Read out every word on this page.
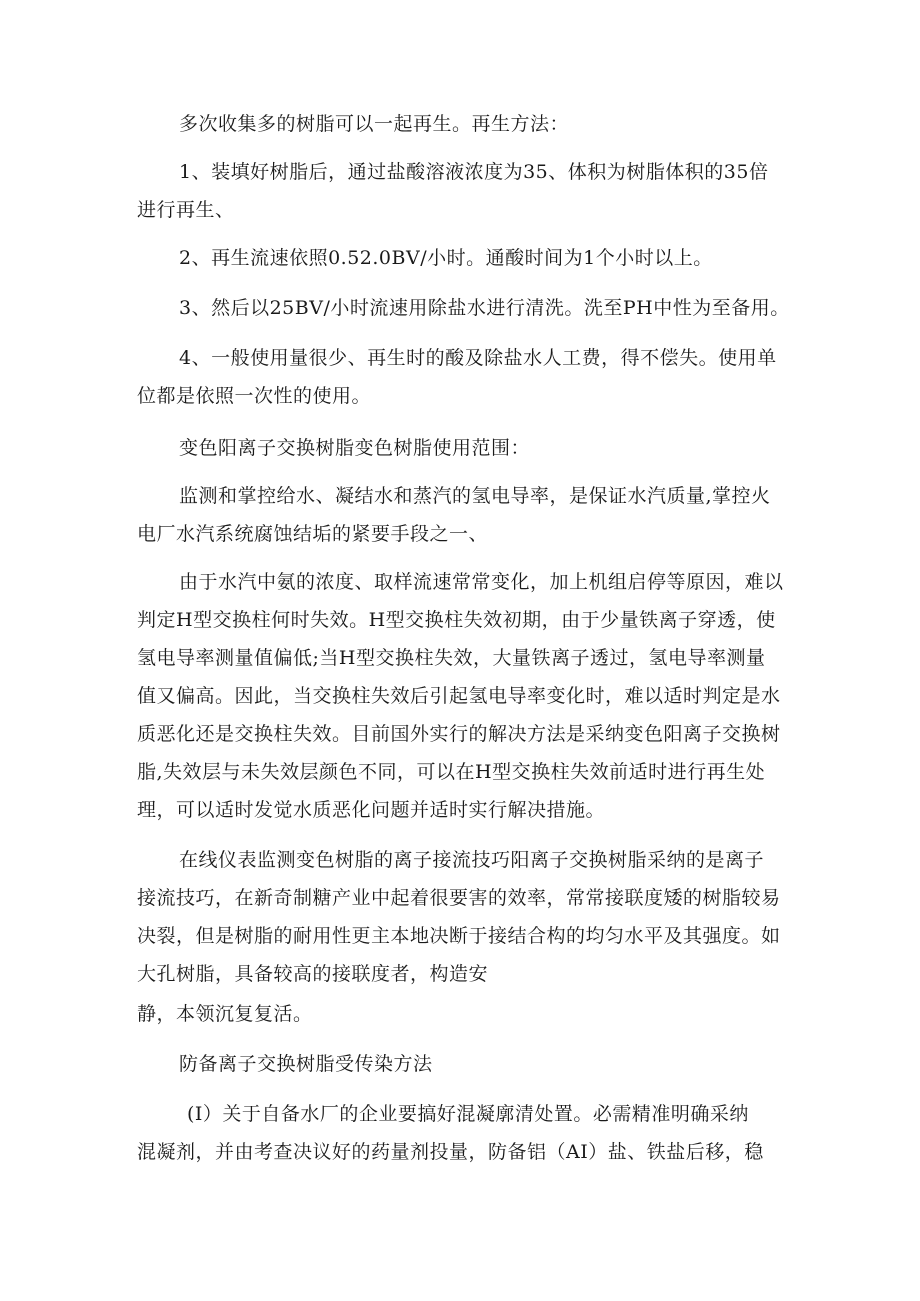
多次收集多的树脂可以一起再生。再生方法：
1、装填好树脂后，通过盐酸溶液浓度为35、体积为树脂体积的35倍
进行再生、
2、再生流速依照0.52.0BV/小时。通酸时间为1个小时以上。
3、然后以25BV/小时流速用除盐水进行清洗。洗至PH中性为至备用。
4、一般使用量很少、再生时的酸及除盐水人工费，得不偿失。使用单
位都是依照一次性的使用。
变色阳离子交换树脂变色树脂使用范围：
监测和掌控给水、凝结水和蒸汽的氢电导率，是保证水汽质量,掌控火
电厂水汽系统腐蚀结垢的紧要手段之一、
由于水汽中氨的浓度、取样流速常常变化，加上机组启停等原因，难以
判定H型交换柱何时失效。H型交换柱失效初期，由于少量铁离子穿透，使
氢电导率测量值偏低;当H型交换柱失效，大量铁离子透过，氢电导率测量
值又偏高。因此，当交换柱失效后引起氢电导率变化时，难以适时判定是水
质恶化还是交换柱失效。目前国外实行的解决方法是采纳变色阳离子交换树
脂,失效层与未失效层颜色不同，可以在H型交换柱失效前适时进行再生处
理，可以适时发觉水质恶化问题并适时实行解决措施。
在线仪表监测变色树脂的离子接流技巧阳离子交换树脂采纳的是离子
接流技巧，在新奇制糖产业中起着很要害的效率，常常接联度矮的树脂较易
决裂，但是树脂的耐用性更主本地决断于接结合构的均匀水平及其强度。如
大孔树脂，具备较高的接联度者，构造安
静，本领沉复复活。
防备离子交换树脂受传染方法
(I）关于自备水厂的企业要搞好混凝廓清处置。必需精准明确采纳
混凝剂，并由考查决议好的药量剂投量，防备铝（AI）盐、铁盐后移，稳
